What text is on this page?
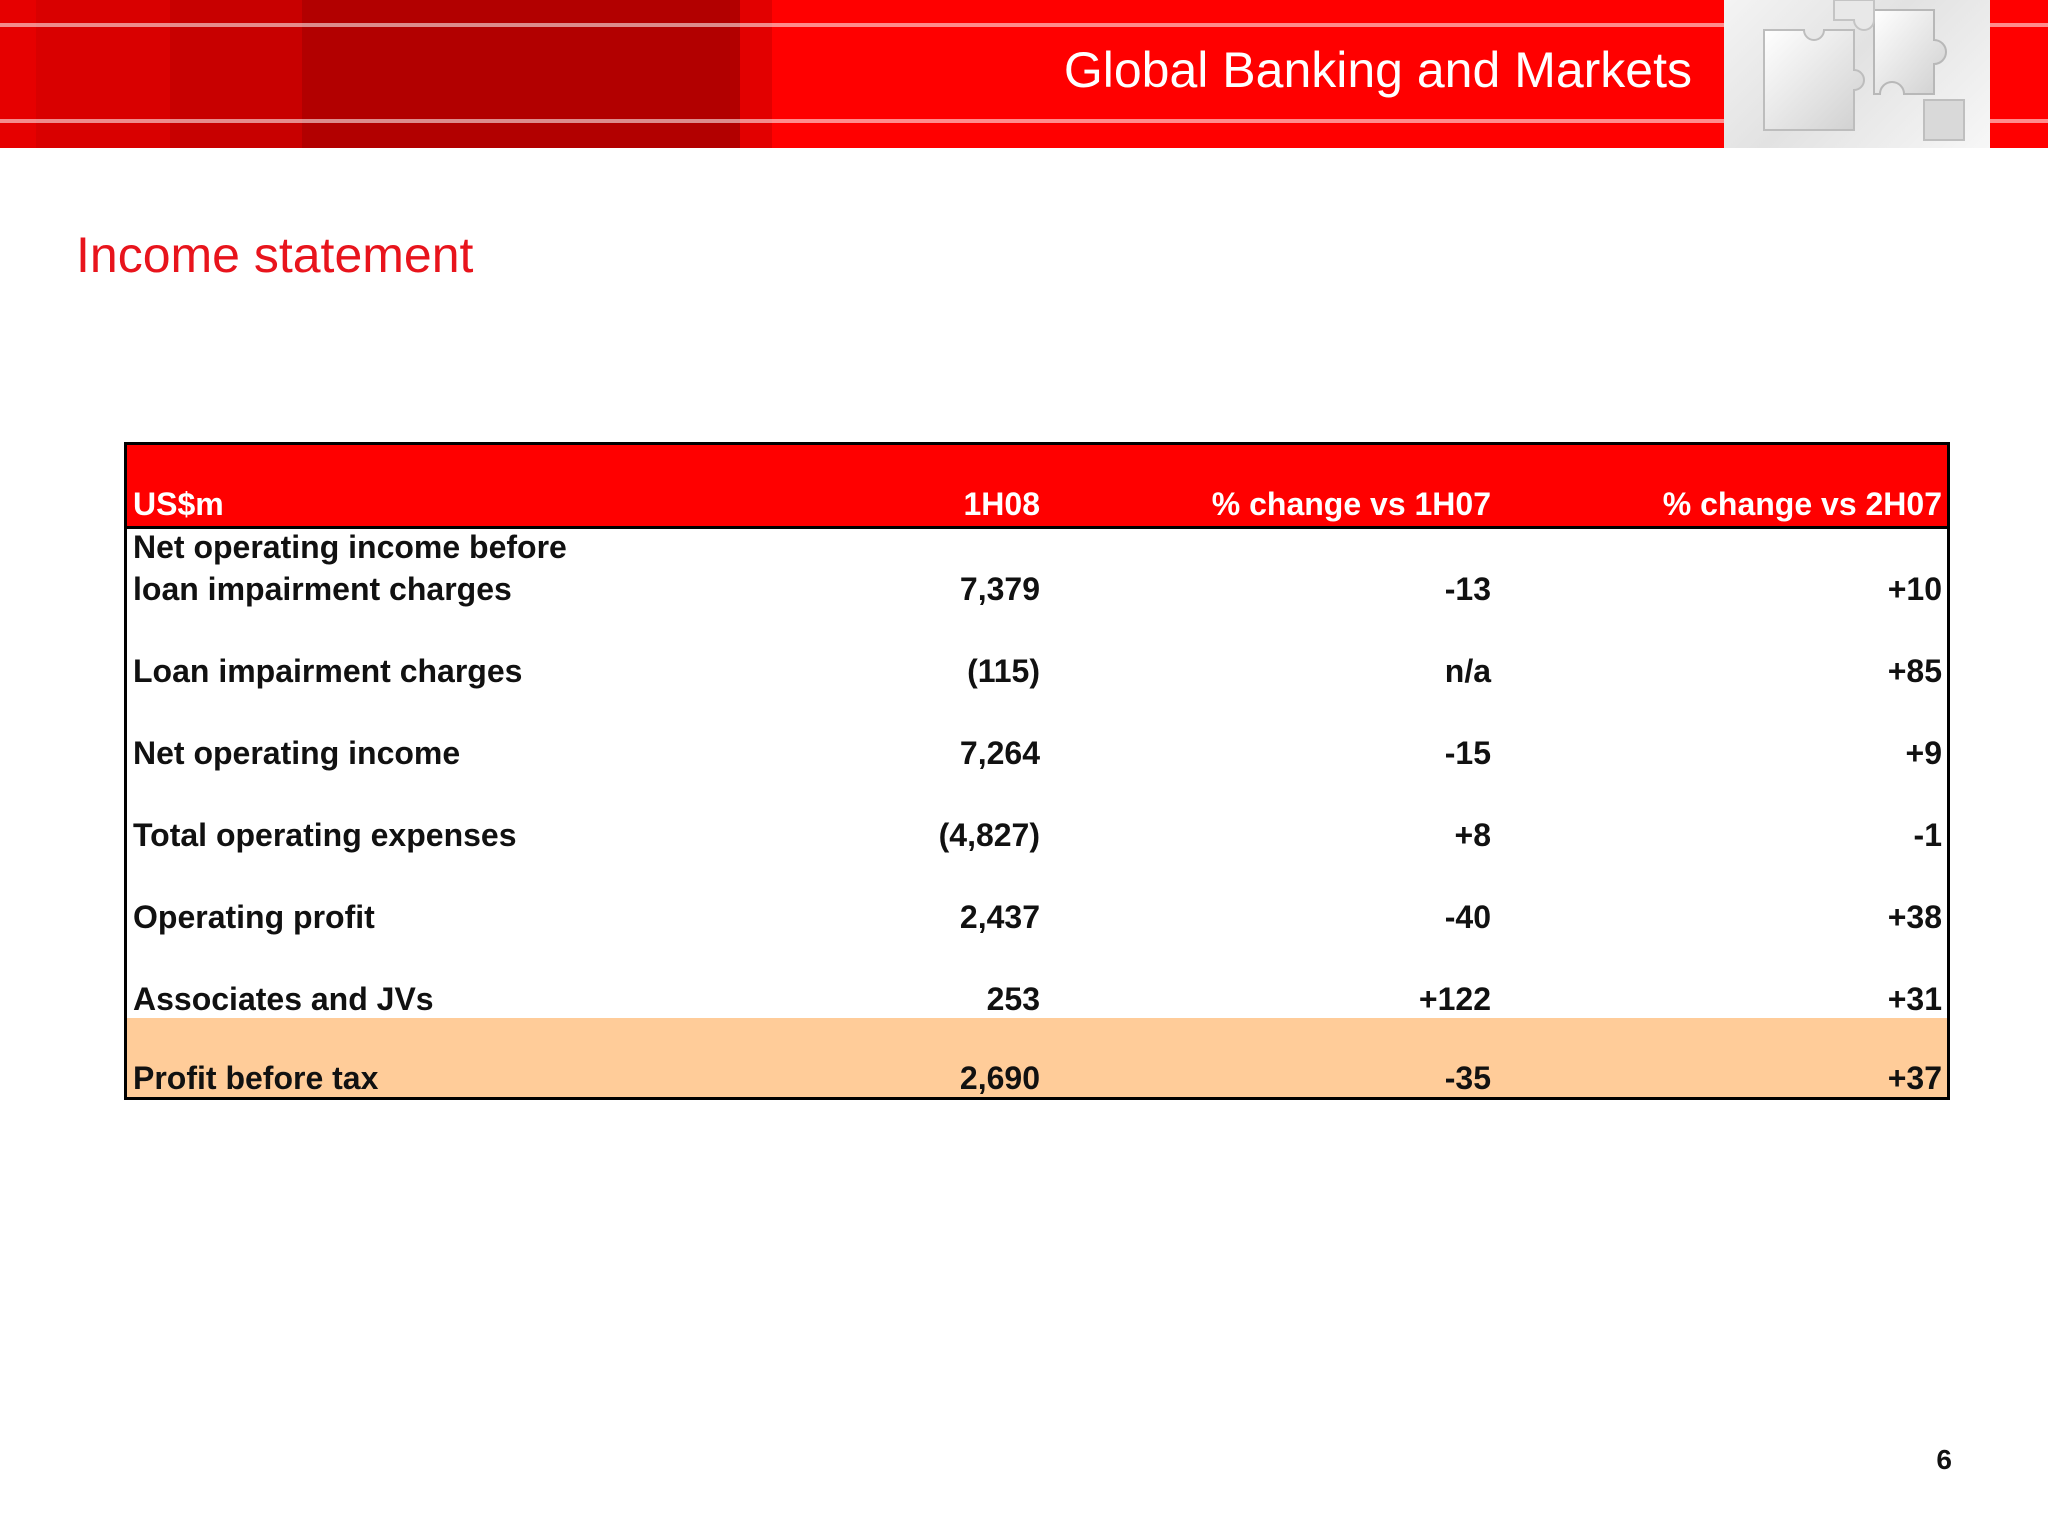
Global Banking and Markets
Income statement
US$m	1H08	% change vs 1H07	% change vs 2H07
Net operating income before
loan impairment charges	7,379	-13	+10
Loan impairment charges	(115)	n/a	+85
Net operating income	7,264	-15	+9
Total operating expenses	(4,827)	+8	-1
Operating profit	2,437	-40	+38
Associates and JVs	253	+122	+31
Profit before tax	2,690	-35	+37
6
